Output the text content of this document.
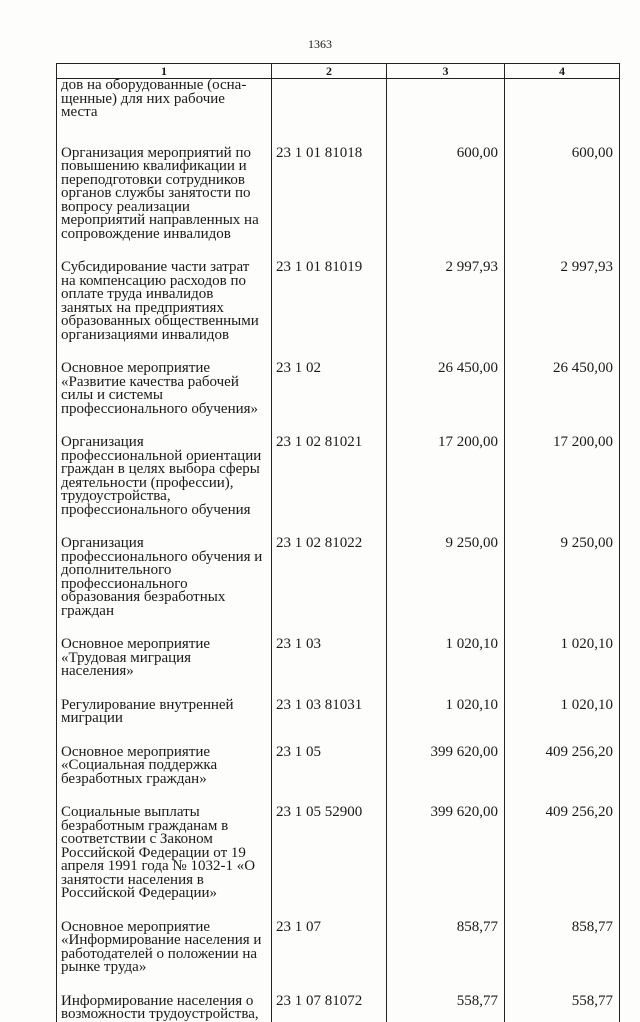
1363
1	2	3	4
дов на оборудованные (осна-щенные) для них рабочие места			
Организация мероприятий по повышению квалификации и переподготовки сотрудников органов службы занятости по вопросу реализации мероприятий направленных на сопровождение инвалидов	23 1 01 81018	600,00	600,00
Субсидирование части затрат на компенсацию расходов по оплате труда инвалидов занятых на предприятиях образованных общественными организациями инвалидов	23 1 01 81019	2 997,93	2 997,93
Основное мероприятие «Развитие качества рабочей силы и системы профессионального обучения»	23 1 02	26 450,00	26 450,00
Организация профессиональной ориентации граждан в целях выбора сферы деятельности (профессии), трудоустройства, профессионального обучения	23 1 02 81021	17 200,00	17 200,00
Организация профессионального обучения и дополнительного профессионального образования безработных граждан	23 1 02 81022	9 250,00	9 250,00
Основное мероприятие «Трудовая миграция населения»	23 1 03	1 020,10	1 020,10
Регулирование внутренней миграции	23 1 03 81031	1 020,10	1 020,10
Основное мероприятие «Социальная поддержка безработных граждан»	23 1 05	399 620,00	409 256,20
Социальные выплаты безработным гражданам в соответствии с Законом Российской Федерации от 19 апреля 1991 года № 1032-1 «О занятости населения в Российской Федерации»	23 1 05 52900	399 620,00	409 256,20
Основное мероприятие «Информирование населения и работодателей о положении на рынке труда»	23 1 07	858,77	858,77
Информирование населения о возможности трудоустройства,	23 1 07 81072	558,77	558,77
